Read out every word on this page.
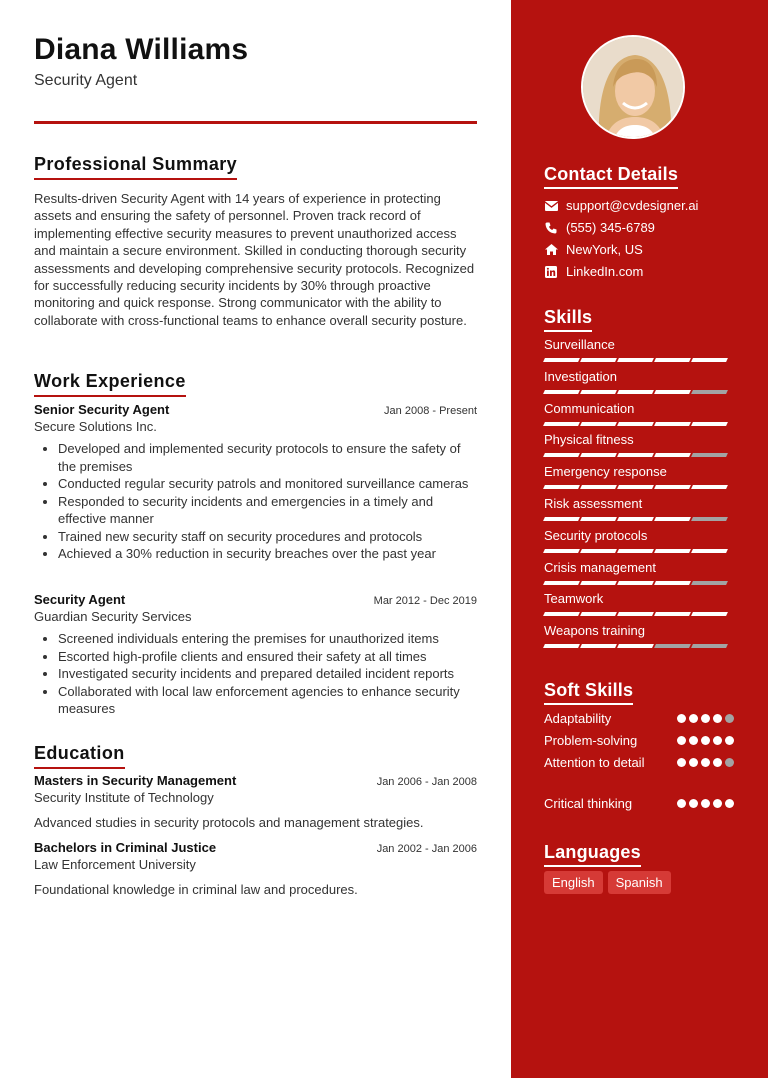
Diana Williams
Security Agent
Professional Summary
Results-driven Security Agent with 14 years of experience in protecting assets and ensuring the safety of personnel. Proven track record of implementing effective security measures to prevent unauthorized access and maintain a secure environment. Skilled in conducting thorough security assessments and developing comprehensive security protocols. Recognized for successfully reducing security incidents by 30% through proactive monitoring and quick response. Strong communicator with the ability to collaborate with cross-functional teams to enhance overall security posture.
Work Experience
Senior Security Agent	Jan 2008 - Present
Secure Solutions Inc.
• Developed and implemented security protocols to ensure the safety of the premises
• Conducted regular security patrols and monitored surveillance cameras
• Responded to security incidents and emergencies in a timely and effective manner
• Trained new security staff on security procedures and protocols
• Achieved a 30% reduction in security breaches over the past year
Security Agent	Mar 2012 - Dec 2019
Guardian Security Services
• Screened individuals entering the premises for unauthorized items
• Escorted high-profile clients and ensured their safety at all times
• Investigated security incidents and prepared detailed incident reports
• Collaborated with local law enforcement agencies to enhance security measures
Education
Masters in Security Management	Jan 2006 - Jan 2008
Security Institute of Technology
Advanced studies in security protocols and management strategies.
Bachelors in Criminal Justice	Jan 2002 - Jan 2006
Law Enforcement University
Foundational knowledge in criminal law and procedures.
Contact Details
support@cvdesigner.ai
(555) 345-6789
NewYork, US
LinkedIn.com
Skills
Surveillance
Investigation
Communication
Physical fitness
Emergency response
Risk assessment
Security protocols
Crisis management
Teamwork
Weapons training
Soft Skills
Adaptability
Problem-solving
Attention to detail
Critical thinking
Languages
English	Spanish
